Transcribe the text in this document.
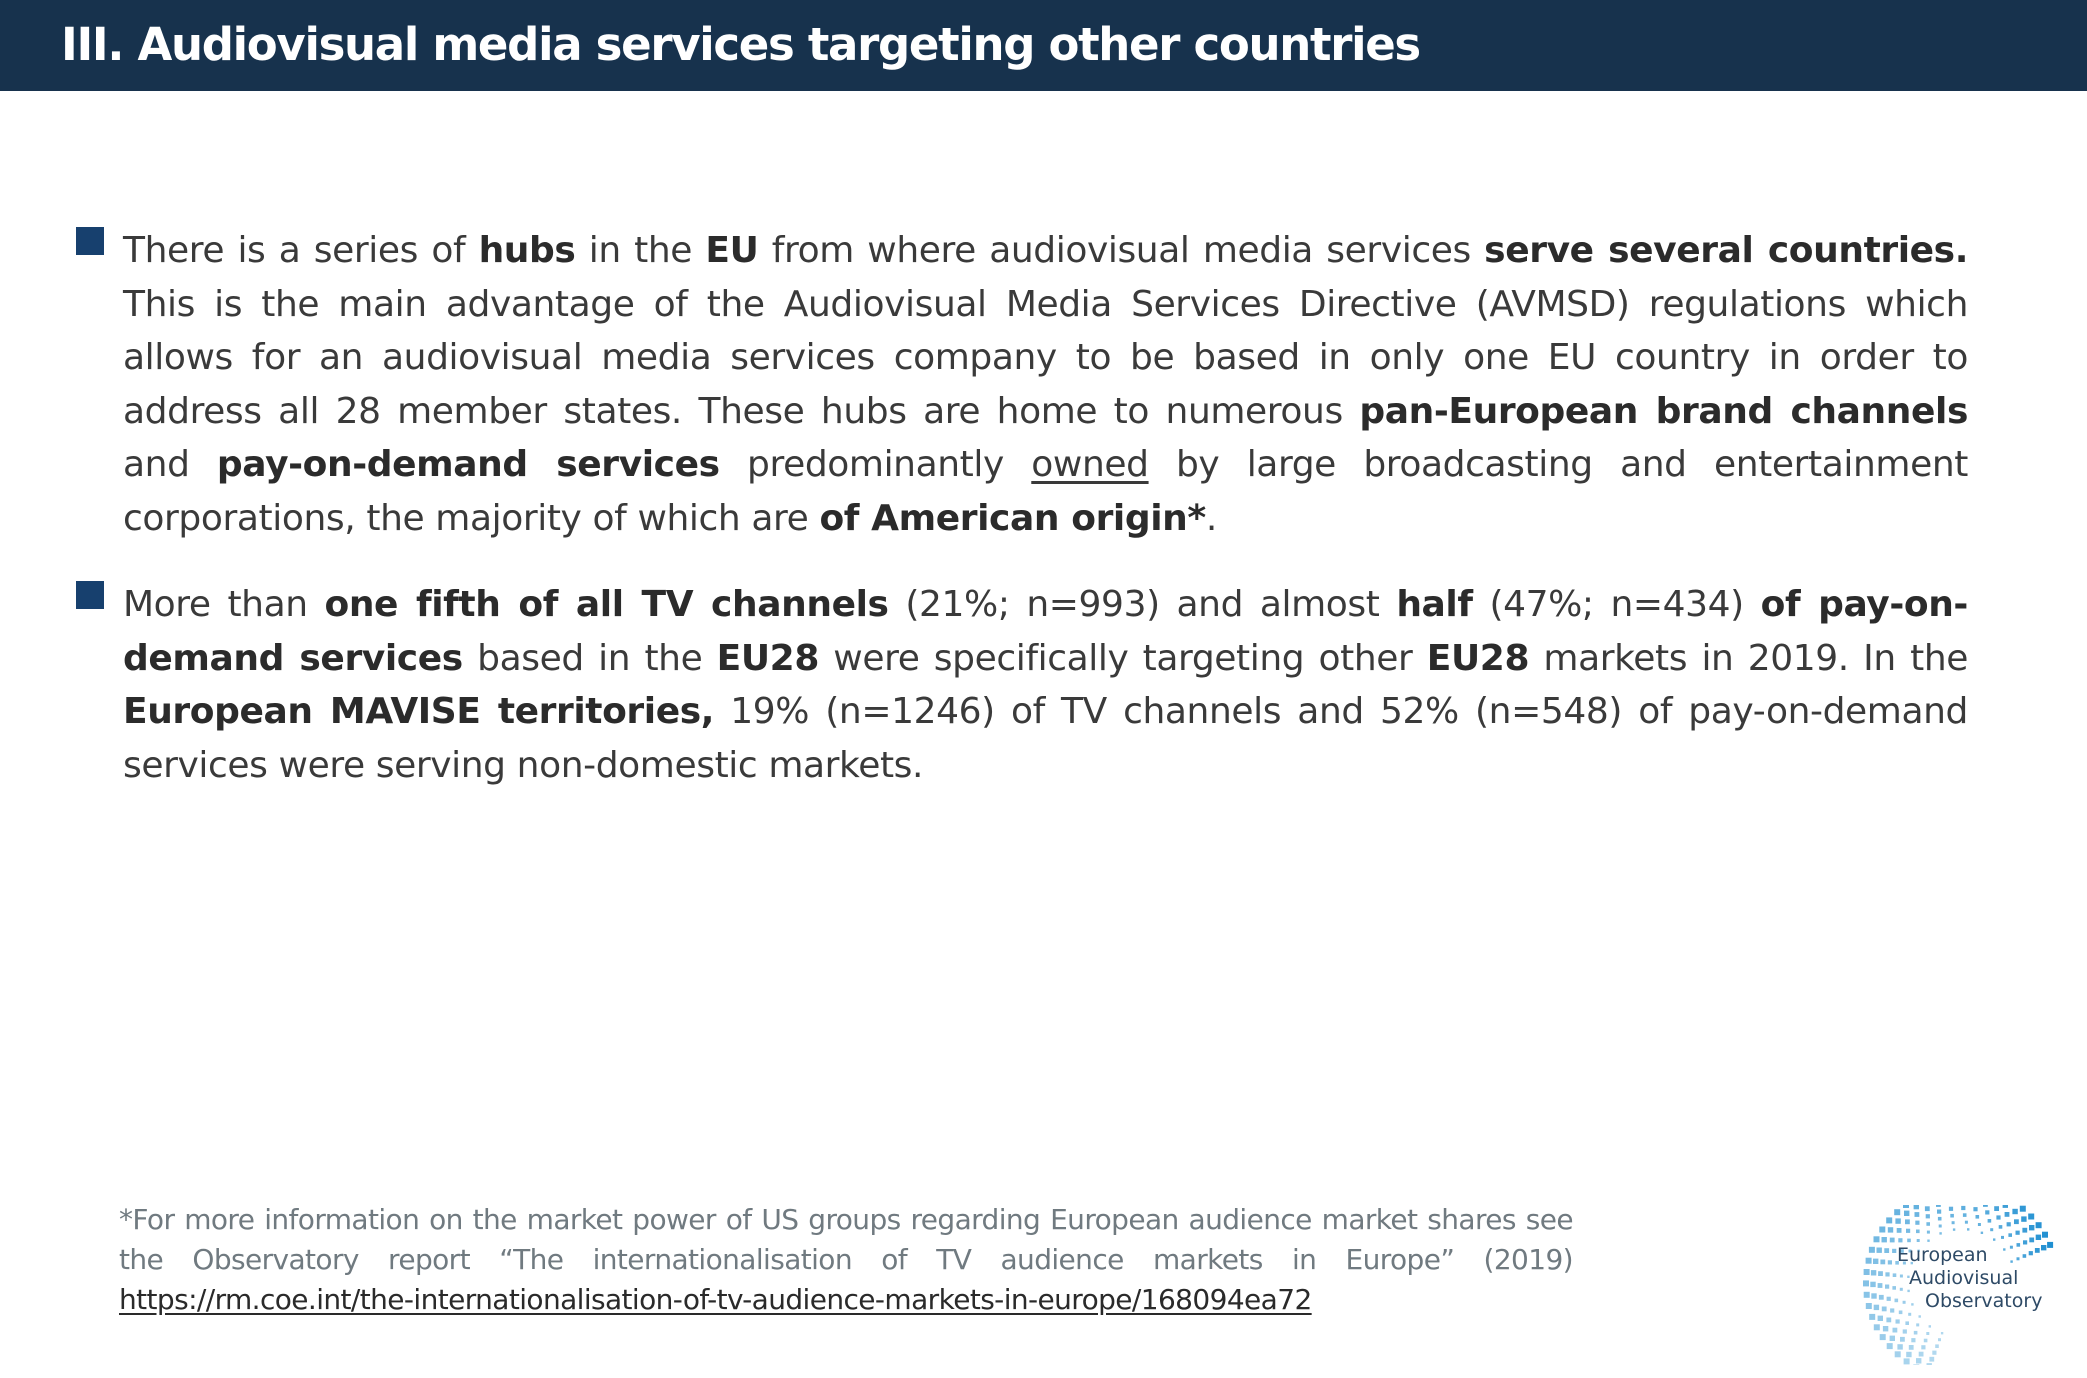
III. Audiovisual media services targeting other countries
There is a series of hubs in the EU from where audiovisual media services serve several countries. This is the main advantage of the Audiovisual Media Services Directive (AVMSD) regulations which allows for an audiovisual media services company to be based in only one EU country in order to address all 28 member states. These hubs are home to numerous pan-European brand channels and pay-on-demand services predominantly owned by large broadcasting and entertainment corporations, the majority of which are of American origin*.
More than one fifth of all TV channels (21%; n=993) and almost half (47%; n=434) of pay-on-demand services based in the EU28 were specifically targeting other EU28 markets in 2019. In the European MAVISE territories, 19% (n=1246) of TV channels and 52% (n=548) of pay-on-demand services were serving non-domestic markets.
*For more information on the market power of US groups regarding European audience market shares see the Observatory report “The internationalisation of TV audience markets in Europe” (2019) https://rm.coe.int/the-internationalisation-of-tv-audience-markets-in-europe/168094ea72
European
Audiovisual
Observatory
